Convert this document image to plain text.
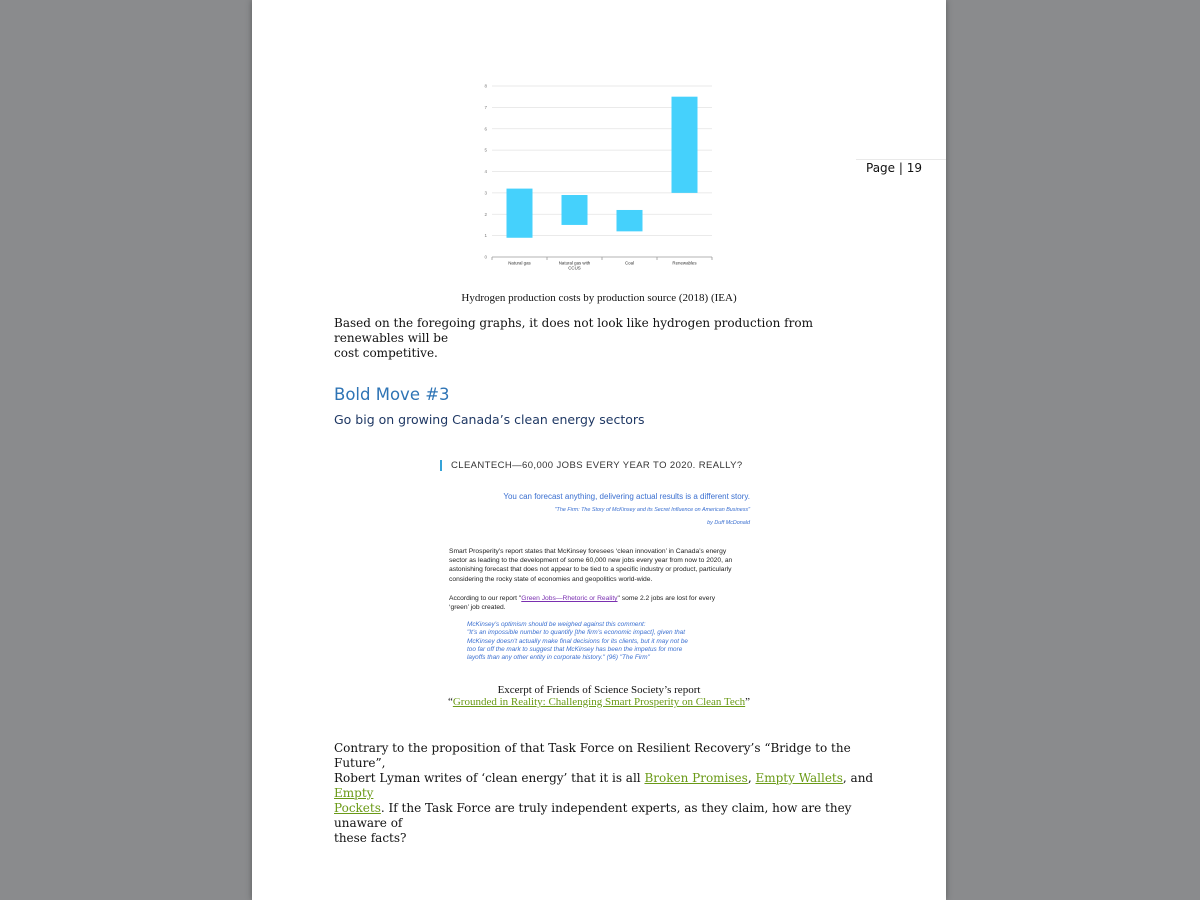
Page | 19
0
1
2
3
4
5
6
7
8
Natural gas	Natural gas with
CCUS
Coal	Renewables
Hydrogen production costs by production source (2018) (IEA)
Based on the foregoing graphs, it does not look like hydrogen production from renewables will be
cost competitive.
Bold Move #3
Go big on growing Canada’s clean energy sectors
CLEANTECH—60,000 JOBS EVERY YEAR TO 2020. REALLY?
You can forecast anything, delivering actual results is a different story.
"The Firm: The Story of McKinsey and its Secret Influence on American Business"
by Duff McDonald
Smart Prosperity’s report states that McKinsey foresees ‘clean innovation’ in Canada’s energy
sector as leading to the development of some 60,000 new jobs every year from now to 2020, an
astonishing forecast that does not appear to be tied to a specific industry or product, particularly
considering the rocky state of economies and geopolitics world-wide.
According to our report "Green Jobs—Rhetoric or Reality" some 2.2 jobs are lost for every
‘green’ job created.
McKinsey’s optimism should be weighed against this comment:
"It’s an impossible number to quantify [the firm’s economic impact], given that
McKinsey doesn’t actually make final decisions for its clients, but it may not be
too far off the mark to suggest that McKinsey has been the impetus for more
layoffs than any other entity in corporate history." (96) "The Firm"
Excerpt of Friends of Science Society’s report
“Grounded in Reality: Challenging Smart Prosperity on Clean Tech”
Contrary to the proposition of that Task Force on Resilient Recovery’s “Bridge to the Future”,
Robert Lyman writes of ‘clean energy’ that it is all Broken Promises, Empty Wallets, and Empty
Pockets. If the Task Force are truly independent experts, as they claim, how are they unaware of
these facts?
